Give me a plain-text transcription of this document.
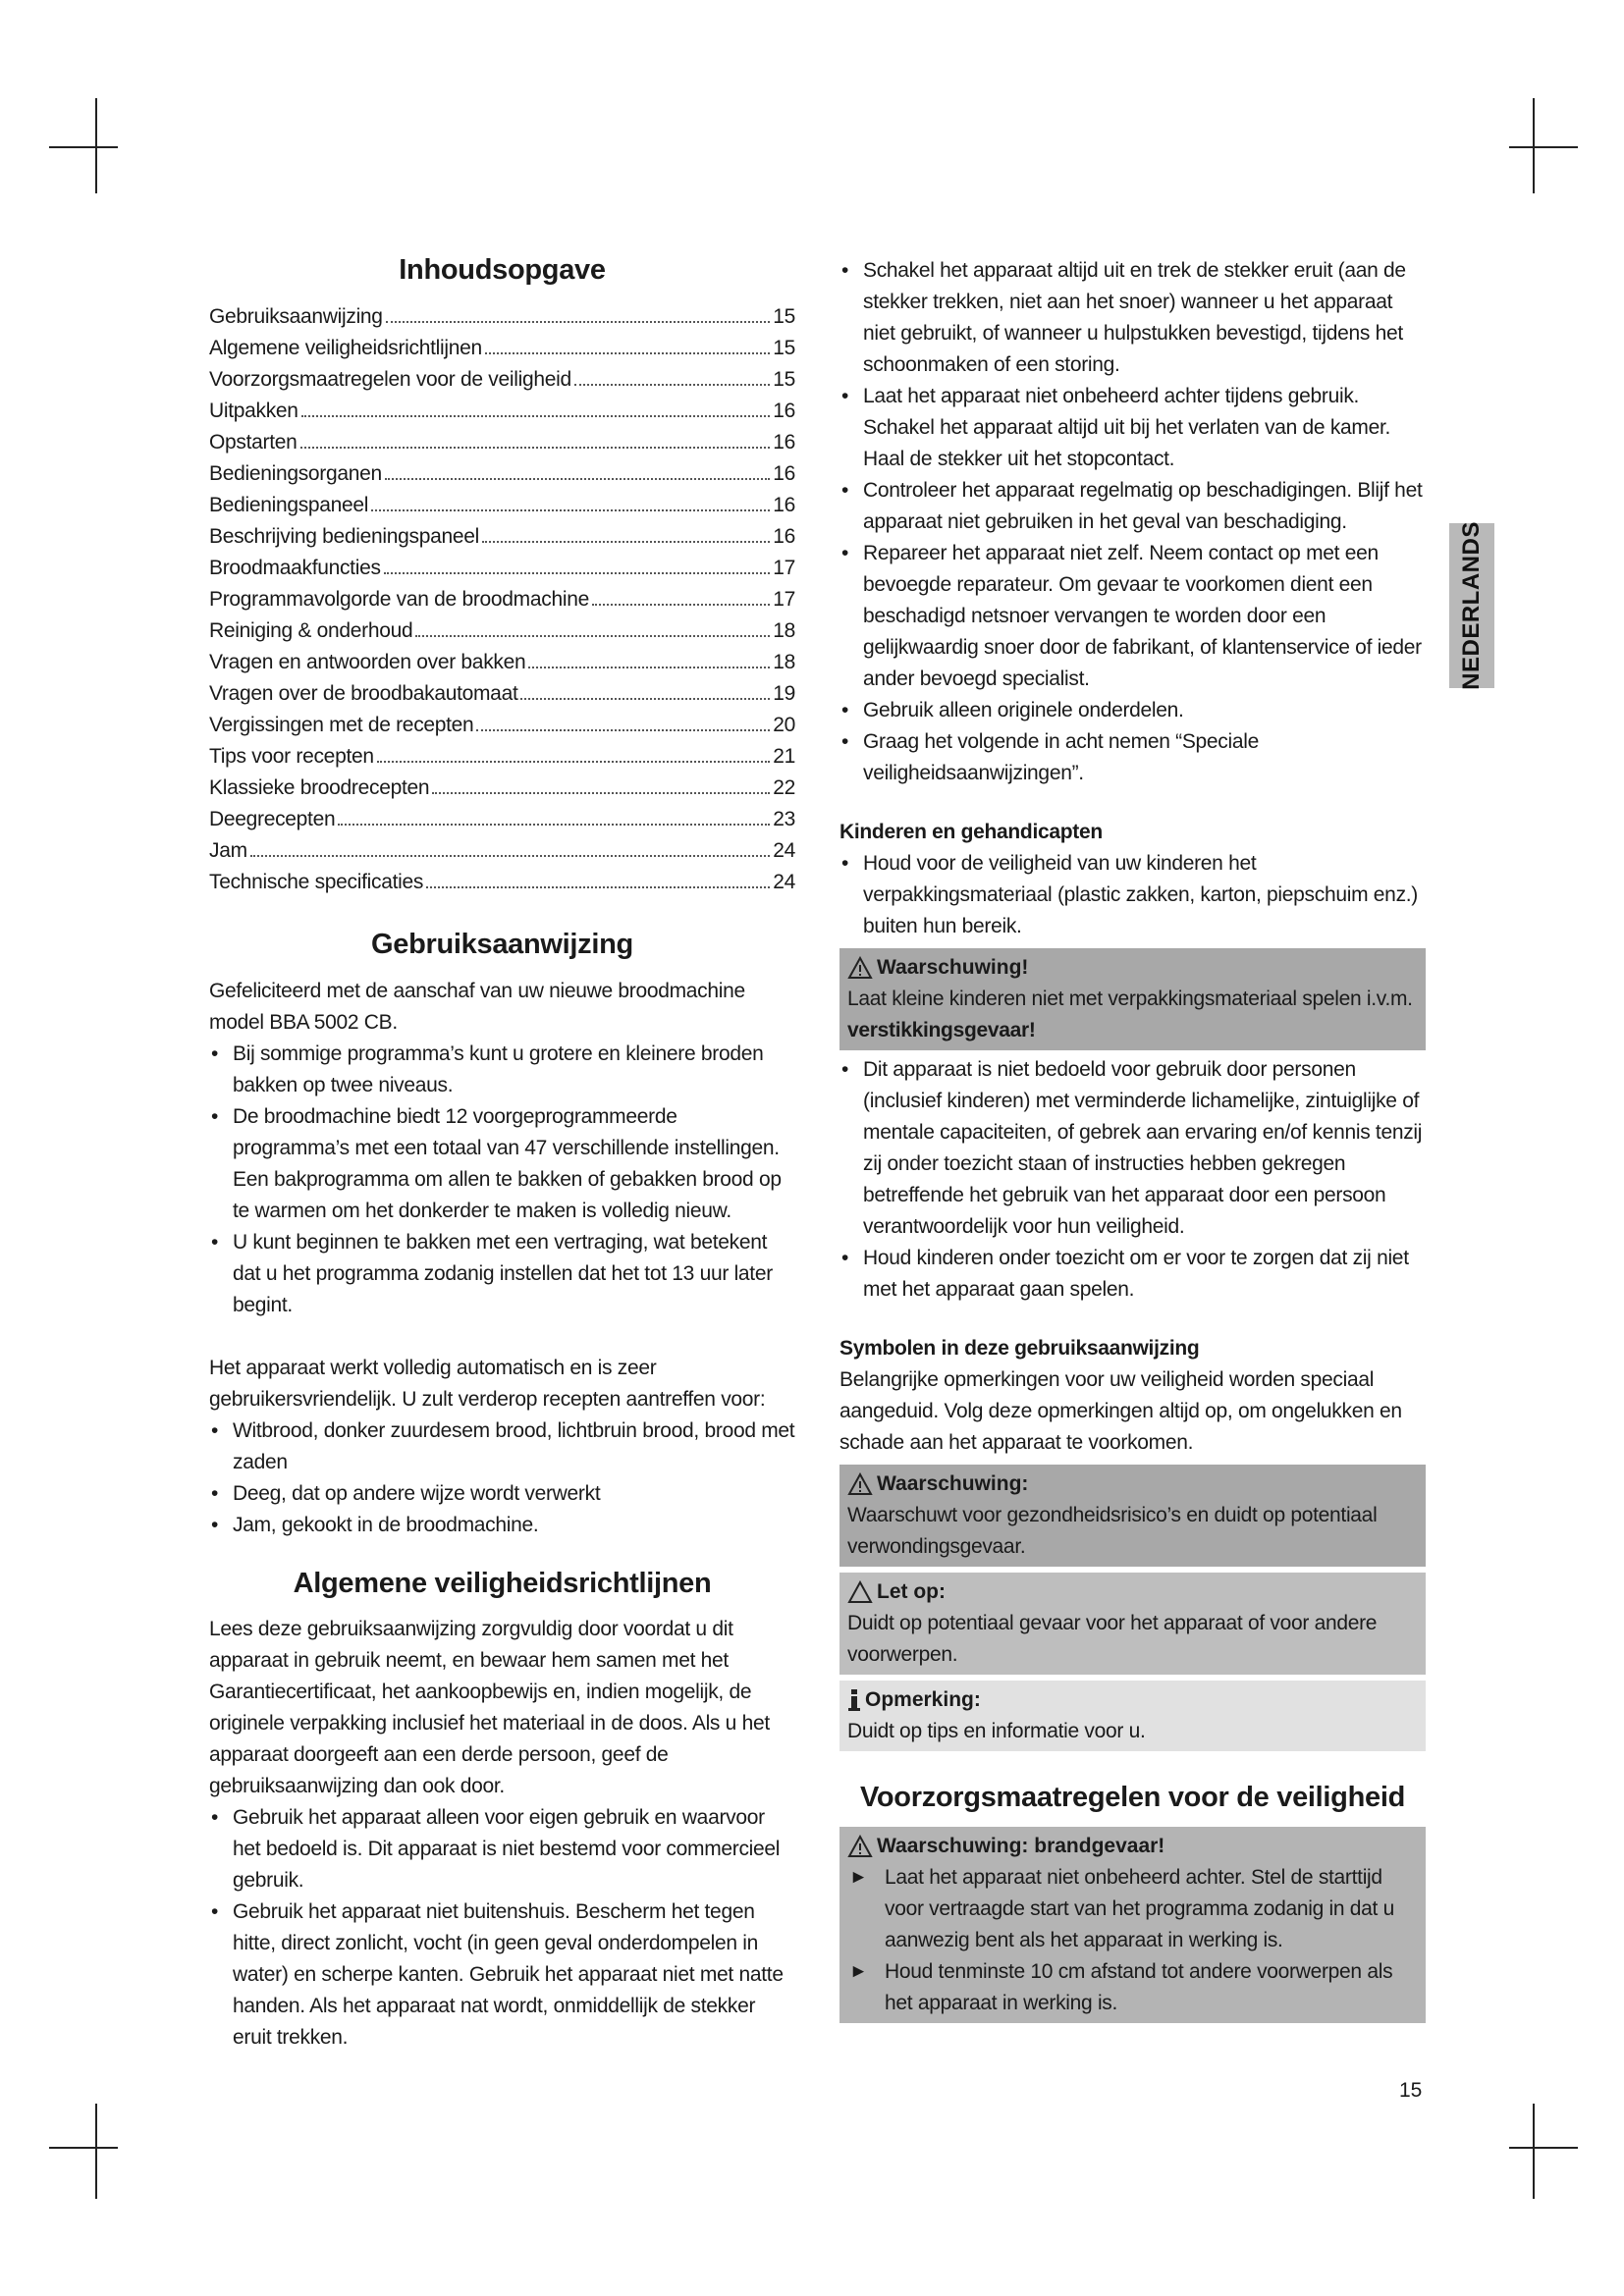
Inhoudsopgave
Gebruiksaanwijzing	15
Algemene veiligheidsrichtlijnen	15
Voorzorgsmaatregelen voor de veiligheid	15
Uitpakken	16
Opstarten	16
Bedieningsorganen	16
Bedieningspaneel	16
Beschrijving bedieningspaneel	16
Broodmaakfuncties	17
Programmavolgorde van de broodmachine	17
Reiniging & onderhoud	18
Vragen en antwoorden over bakken	18
Vragen over de broodbakautomaat	19
Vergissingen met de recepten	20
Tips voor recepten	21
Klassieke broodrecepten	22
Deegrecepten	23
Jam	24
Technische specificaties	24
Gebruiksaanwijzing

Gefeliciteerd met de aanschaf van uw nieuwe broodmachine model BBA 5002 CB.

• Bij sommige programma’s kunt u grotere en kleinere broden bakken op twee niveaus.
• De broodmachine biedt 12 voorgeprogrammeerde programma’s met een totaal van 47 verschillende instellingen. Een bakprogramma om allen te bakken of gebakken brood op te warmen om het donkerder te maken is volledig nieuw.
• U kunt beginnen te bakken met een vertraging, wat betekent dat u het programma zodanig instellen dat het tot 13 uur later begint.

Het apparaat werkt volledig automatisch en is zeer gebruikersvriendelijk. U zult verderop recepten aantreffen voor:

• Witbrood, donker zuurdesem brood, lichtbruin brood, brood met zaden
• Deeg, dat op andere wijze wordt verwerkt
• Jam, gekookt in de broodmachine.
Algemene veiligheidsrichtlijnen

Lees deze gebruiksaanwijzing zorgvuldig door voordat u dit apparaat in gebruik neemt, en bewaar hem samen met het Garantiecertificaat, het aankoopbewijs en, indien mogelijk, de originele verpakking inclusief het materiaal in de doos. Als u het apparaat doorgeeft aan een derde persoon, geef de gebruiksaanwijzing dan ook door.

• Gebruik het apparaat alleen voor eigen gebruik en waarvoor het bedoeld is. Dit apparaat is niet bestemd voor commercieel gebruik.
• Gebruik het apparaat niet buitenshuis. Bescherm het tegen hitte, direct zonlicht, vocht (in geen geval onderdompelen in water) en scherpe kanten. Gebruik het apparaat niet met natte handen. Als het apparaat nat wordt, onmiddellijk de stekker eruit trekken.
• Schakel het apparaat altijd uit en trek de stekker eruit (aan de stekker trekken, niet aan het snoer) wanneer u het apparaat niet gebruikt, of wanneer u hulpstukken bevestigd, tijdens het schoonmaken of een storing.
• Laat het apparaat niet onbeheerd achter tijdens gebruik. Schakel het apparaat altijd uit bij het verlaten van de kamer. Haal de stekker uit het stopcontact.
• Controleer het apparaat regelmatig op beschadigingen. Blijf het apparaat niet gebruiken in het geval van beschadiging.
• Repareer het apparaat niet zelf. Neem contact op met een bevoegde reparateur. Om gevaar te voorkomen dient een beschadigd netsnoer vervangen te worden door een gelijkwaardig snoer door de fabrikant, of klantenservice of ieder ander bevoegd specialist.
• Gebruik alleen originele onderdelen.
• Graag het volgende in acht nemen “Speciale veiligheidsaanwijzingen”.
Kinderen en gehandicapten
• Houd voor de veiligheid van uw kinderen het verpakkingsmateriaal (plastic zakken, karton, piepschuim enz.) buiten hun bereik.
Waarschuwing!
Laat kleine kinderen niet met verpakkingsmateriaal spelen i.v.m.
verstikkingsgevaar!
• Dit apparaat is niet bedoeld voor gebruik door personen (inclusief kinderen) met verminderde lichamelijke, zintuiglijke of mentale capaciteiten, of gebrek aan ervaring en/of kennis tenzij zij onder toezicht staan of instructies hebben gekregen betreffende het gebruik van het apparaat door een persoon verantwoordelijk voor hun veiligheid.
• Houd kinderen onder toezicht om er voor te zorgen dat zij niet met het apparaat gaan spelen.
Symbolen in deze gebruiksaanwijzing

Belangrijke opmerkingen voor uw veiligheid worden speciaal aangeduid. Volg deze opmerkingen altijd op, om ongelukken en schade aan het apparaat te voorkomen.

Waarschuwing:
Waarschuwt voor gezondheidsrisico’s en duidt op potentiaal verwondingsgevaar.
Let op:
Duidt op potentiaal gevaar voor het apparaat of voor andere voorwerpen.
Opmerking:
Duidt op tips en informatie voor u.
Voorzorgsmaatregelen voor de veiligheid
Waarschuwing: brandgevaar!
► Laat het apparaat niet onbeheerd achter. Stel de starttijd voor vertraagde start van het programma zodanig in dat u aanwezig bent als het apparaat in werking is.
► Houd tenminste 10 cm afstand tot andere voorwerpen als het apparaat in werking is.
NEDERLANDS
15
